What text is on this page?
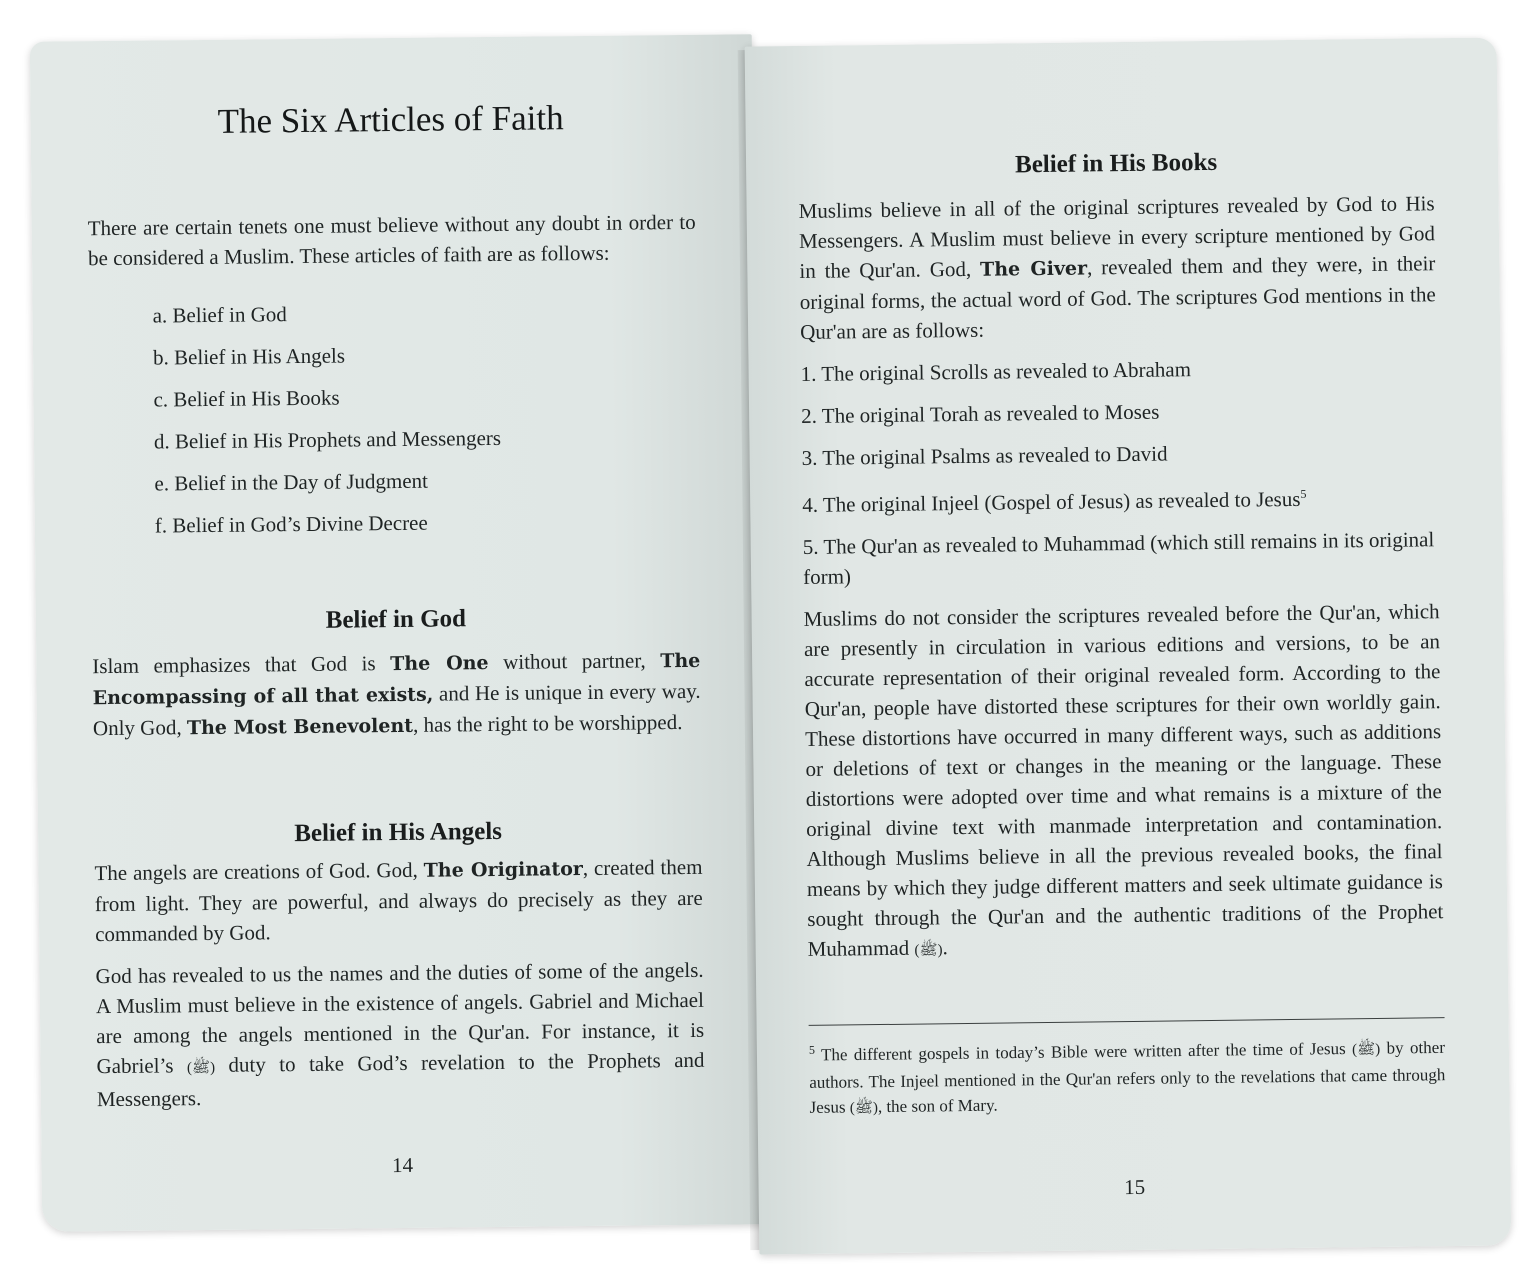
The Six Articles of Faith

There are certain tenets one must believe without any doubt in order to be considered a Muslim. These articles of faith are as follows:

a. Belief in God
b. Belief in His Angels
c. Belief in His Books
d. Belief in His Prophets and Messengers
e. Belief in the Day of Judgment
f. Belief in God’s Divine Decree
Belief in God

Islam emphasizes that God is The One without partner, The Encompassing of all that exists, and He is unique in every way. Only God, The Most Benevolent, has the right to be worshipped.

Belief in His Angels

The angels are creations of God. God, The Originator, created them from light. They are powerful, and always do precisely as they are commanded by God.

God has revealed to us the names and the duties of some of the angels. A Muslim must believe in the existence of angels. Gabriel and Michael are among the angels mentioned in the Qur'an. For instance, it is Gabriel’s (ﷺ) duty to take God’s revelation to the Prophets and Messengers.

14
Belief in His Books

Muslims believe in all of the original scriptures revealed by God to His Messengers. A Muslim must believe in every scripture mentioned by God in the Qur'an. God, The Giver, revealed them and they were, in their original forms, the actual word of God. The scriptures God mentions in the Qur'an are as follows:

1. The original Scrolls as revealed to Abraham
2. The original Torah as revealed to Moses
3. The original Psalms as revealed to David
4. The original Injeel (Gospel of Jesus) as revealed to Jesus$^5$
5. The Qur'an as revealed to Muhammad (which still remains in its original form)

Muslims do not consider the scriptures revealed before the Qur'an, which are presently in circulation in various editions and versions, to be an accurate representation of their original revealed form. According to the Qur'an, people have distorted these scriptures for their own worldly gain. These distortions have occurred in many different ways, such as additions or deletions of text or changes in the meaning or the language. These distortions were adopted over time and what remains is a mixture of the original divine text with manmade interpretation and contamination. Although Muslims believe in all the previous revealed books, the final means by which they judge different matters and seek ultimate guidance is sought through the Qur'an and the authentic traditions of the Prophet Muhammad (ﷺ).

$^5$ The different gospels in today’s Bible were written after the time of Jesus (ﷺ) by other authors. The Injeel mentioned in the Qur'an refers only to the revelations that came through Jesus (ﷺ), the son of Mary.

15
